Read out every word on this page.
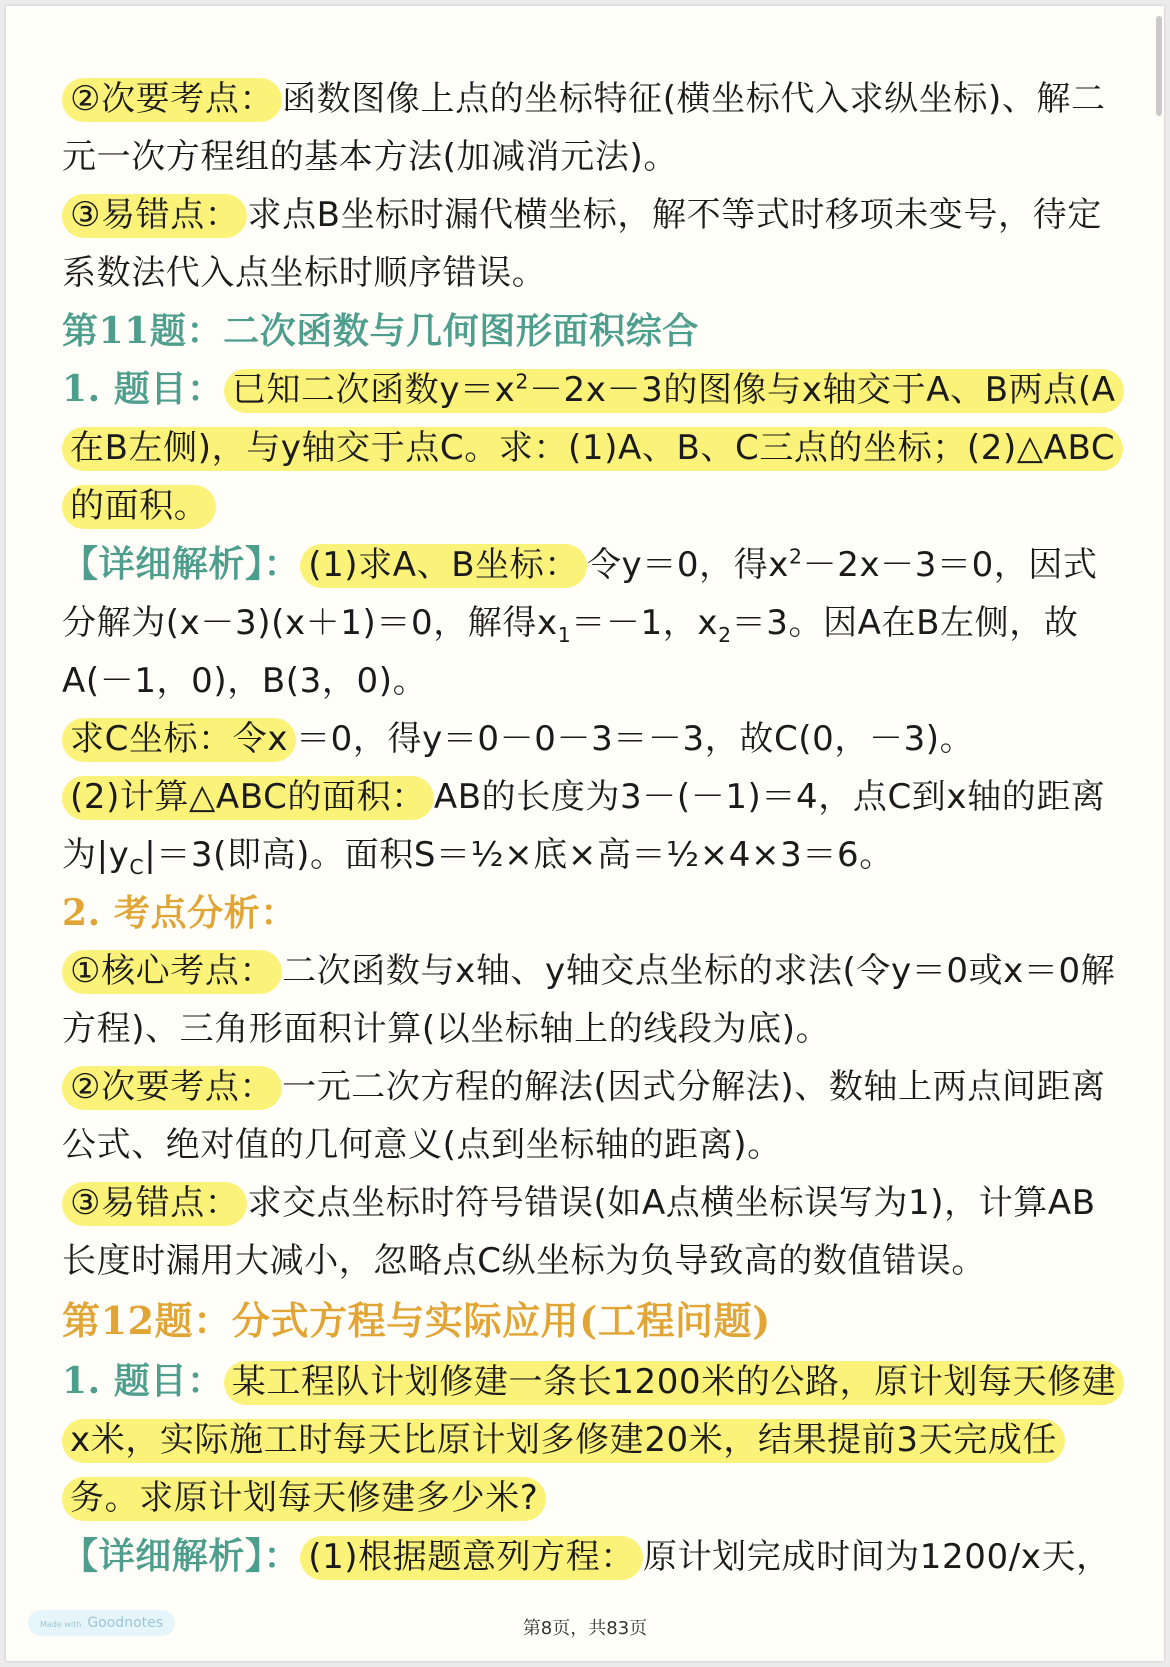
②次要考点： 函数图像上点的坐标特征(横坐标代入求纵坐标)、解二元一次方程组的基本方法(加减消元法)。

③易错点： 求点B坐标时漏代横坐标，解不等式时移项未变号，待定系数法代入点坐标时顺序错误。

第11题：二次函数与几何图形面积综合

1. 题目： 已知二次函数$y=x^2-2x-3$的图像与x轴交于A、B两点(A在B左侧)，与y轴交于点C。求：(1)A、B、C三点的坐标；(2)△ABC的面积。

【详细解析】： (1)求A、B坐标： 令y＝0，得$x^2-2x-3=0$，因式分解为(x－3)(x＋1)＝0，解得$x_1=-1$，$x_2=3$。因A在B左侧，故A(－1，0)，B(3，0)。

求C坐标：令x ＝0，得y＝0－0－3＝－3，故C(0，－3)。

(2)计算△ABC的面积： AB的长度为3－(－1)＝4，点C到x轴的距离为$|y_C|=3$(即高)。面积S＝½×底×高＝½×4×3＝6。

2. 考点分析：

①核心考点： 二次函数与x轴、y轴交点坐标的求法(令y＝0或x＝0解方程)、三角形面积计算(以坐标轴上的线段为底)。

②次要考点： 一元二次方程的解法(因式分解法)、数轴上两点间距离公式、绝对值的几何意义(点到坐标轴的距离)。

③易错点： 求交点坐标时符号错误(如A点横坐标误写为1)，计算AB长度时漏用大减小，忽略点C纵坐标为负导致高的数值错误。

第12题：分式方程与实际应用(工程问题)

1. 题目： 某工程队计划修建一条长1200米的公路，原计划每天修建x米，实际施工时每天比原计划多修建20米，结果提前3天完成任务。求原计划每天修建多少米?

【详细解析】： (1)根据题意列方程： 原计划完成时间为1200/x天，

Made with Goodnotes	第8页，共83页
